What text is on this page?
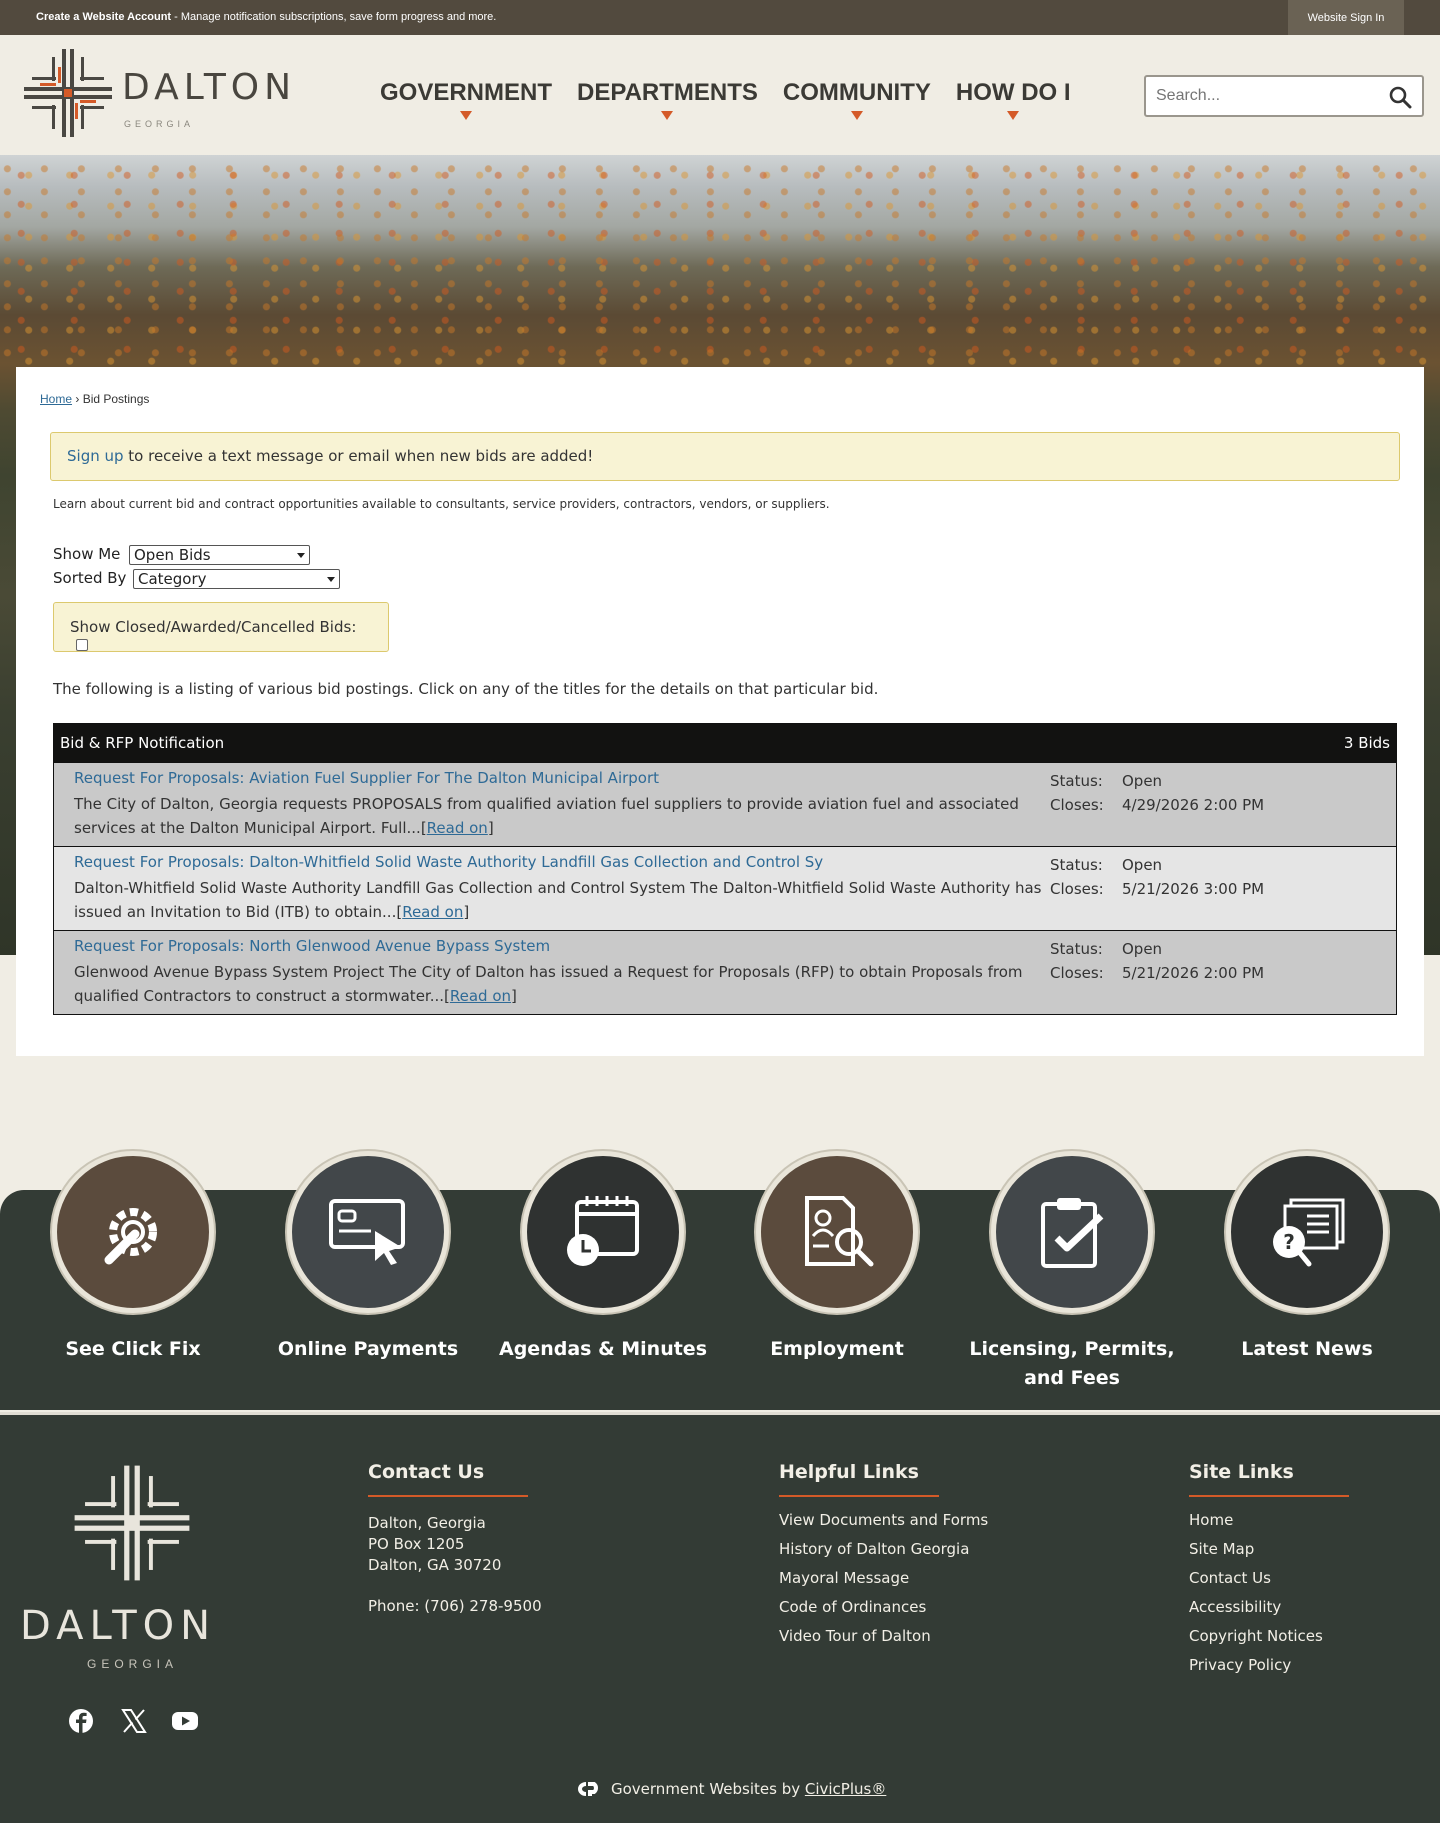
Create a Website Account - Manage notification subscriptions, save form progress and more.	Website Sign In
DALTON
GEORGIA
GOVERNMENT DEPARTMENTS COMMUNITY HOW DO I
Search...
Home › Bid Postings
Sign up to receive a text message or email when new bids are added!
Learn about current bid and contract opportunities available to consultants, service providers, contractors, vendors, or suppliers.
Show Me Open Bids
Sorted By Category
Show Closed/Awarded/Cancelled Bids:
The following is a listing of various bid postings. Click on any of the titles for the details on that particular bid.
Bid & RFP Notification	3 Bids
Request For Proposals: Aviation Fuel Supplier For The Dalton Municipal Airport
The City of Dalton, Georgia requests PROPOSALS from qualified aviation fuel suppliers to provide aviation fuel and associated services at the Dalton Municipal Airport. Full...[Read on]
Status: Open
Closes: 4/29/2026 2:00 PM
Request For Proposals: Dalton-Whitfield Solid Waste Authority Landfill Gas Collection and Control Sy
Dalton-Whitfield Solid Waste Authority Landfill Gas Collection and Control System The Dalton-Whitfield Solid Waste Authority has issued an Invitation to Bid (ITB) to obtain...[Read on]
Status: Open
Closes: 5/21/2026 3:00 PM
Request For Proposals: North Glenwood Avenue Bypass System
Glenwood Avenue Bypass System Project The City of Dalton has issued a Request for Proposals (RFP) to obtain Proposals from qualified Contractors to construct a stormwater...[Read on]
Status: Open
Closes: 5/21/2026 2:00 PM
See Click Fix	Online Payments	Agendas & Minutes	Employment	Licensing, Permits, and Fees
?
Latest News
DALTON
GEORGIA
Contact Us
Dalton, Georgia
PO Box 1205
Dalton, GA 30720
Phone: (706) 278-9500
Helpful Links
View Documents and Forms
History of Dalton Georgia
Mayoral Message
Code of Ordinances
Video Tour of Dalton
Site Links
Home
Site Map
Contact Us
Accessibility
Copyright Notices
Privacy Policy
Government Websites by CivicPlus®
